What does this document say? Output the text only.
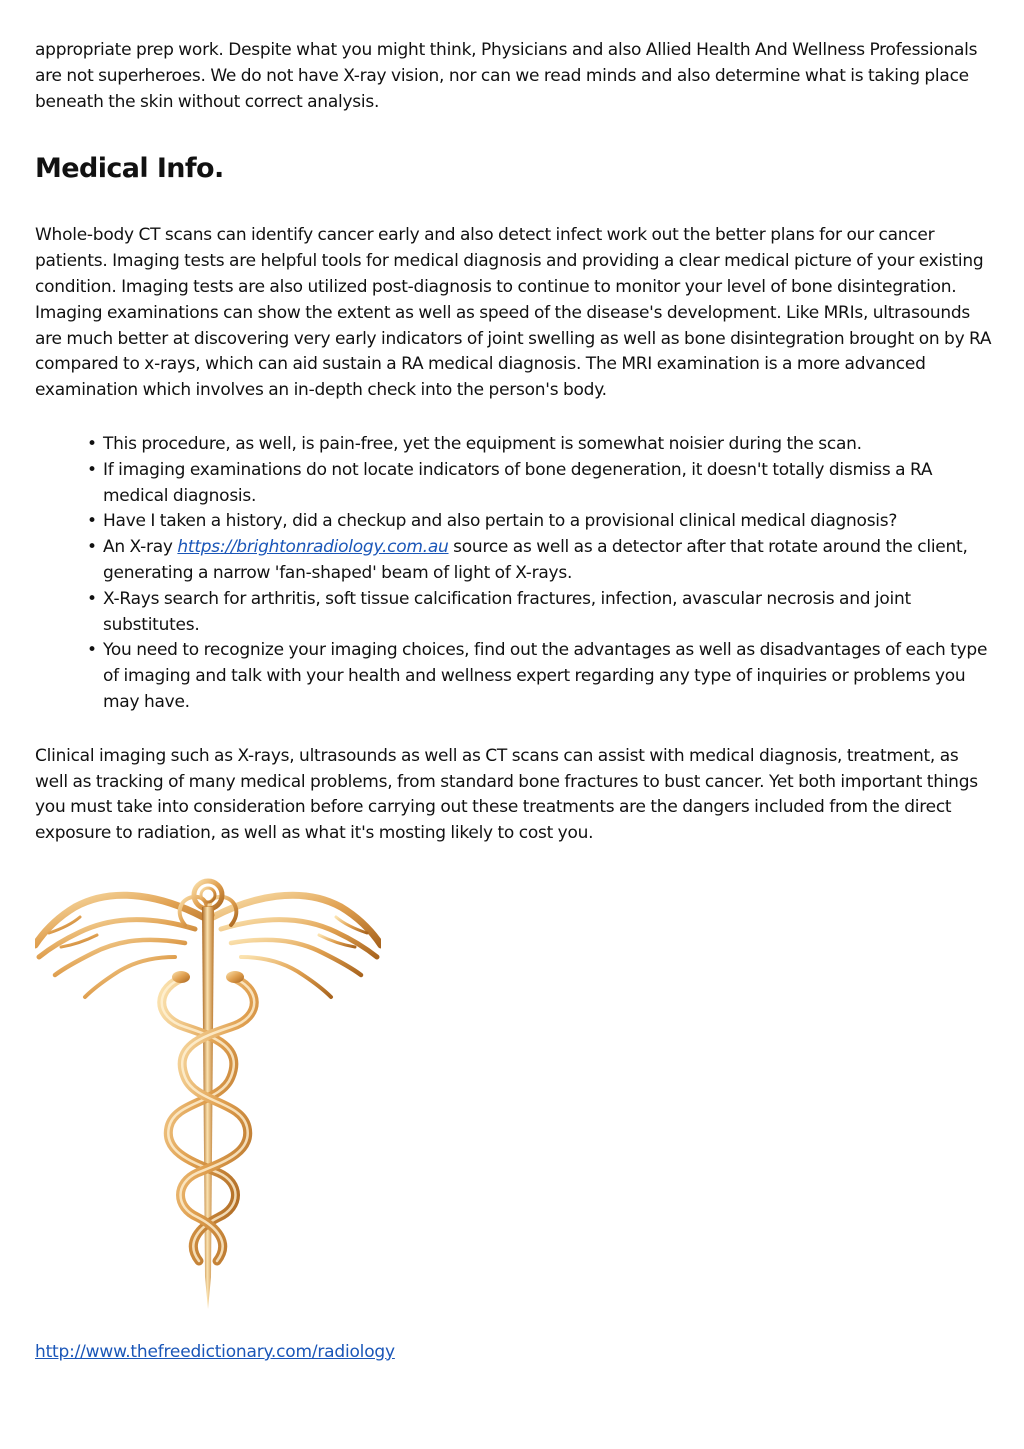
appropriate prep work. Despite what you might think, Physicians and also Allied Health And Wellness Professionals are not superheroes. We do not have X-ray vision, nor can we read minds and also determine what is taking place beneath the skin without correct analysis.

Medical Info.

Whole-body CT scans can identify cancer early and also detect infect work out the better plans for our cancer patients. Imaging tests are helpful tools for medical diagnosis and providing a clear medical picture of your existing condition. Imaging tests are also utilized post-diagnosis to continue to monitor your level of bone disintegration. Imaging examinations can show the extent as well as speed of the disease's development. Like MRIs, ultrasounds are much better at discovering very early indicators of joint swelling as well as bone disintegration brought on by RA compared to x-rays, which can aid sustain a RA medical diagnosis. The MRI examination is a more advanced examination which involves an in-depth check into the person's body.

• This procedure, as well, is pain-free, yet the equipment is somewhat noisier during the scan.
• If imaging examinations do not locate indicators of bone degeneration, it doesn't totally dismiss a RA medical diagnosis.
• Have I taken a history, did a checkup and also pertain to a provisional clinical medical diagnosis?
• An X-ray https://brightonradiology.com.au source as well as a detector after that rotate around the client, generating a narrow 'fan-shaped' beam of light of X-rays.
• X-Rays search for arthritis, soft tissue calcification fractures, infection, avascular necrosis and joint substitutes.
• You need to recognize your imaging choices, find out the advantages as well as disadvantages of each type of imaging and talk with your health and wellness expert regarding any type of inquiries or problems you may have.

Clinical imaging such as X-rays, ultrasounds as well as CT scans can assist with medical diagnosis, treatment, as well as tracking of many medical problems, from standard bone fractures to bust cancer. Yet both important things you must take into consideration before carrying out these treatments are the dangers included from the direct exposure to radiation, as well as what it's mosting likely to cost you.

http://www.thefreedictionary.com/radiology
